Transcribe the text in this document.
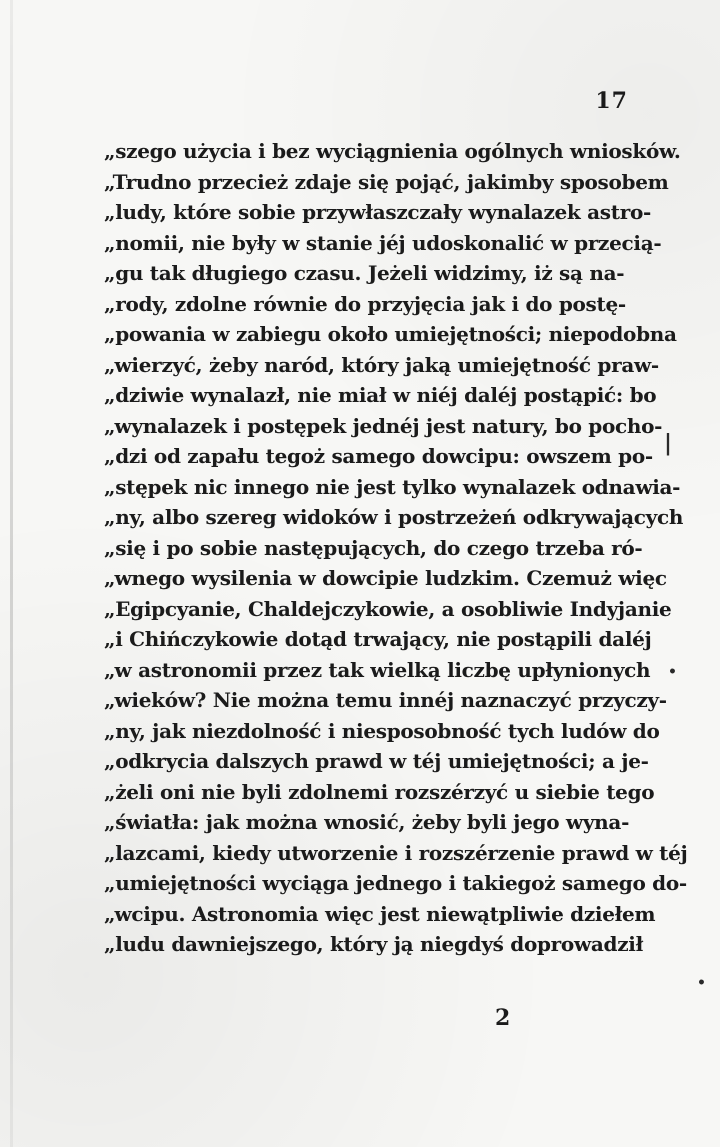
17
„szego użycia i bez wyciągnienia ogólnych wniosków.
„Trudno przecież zdaje się pojąć, jakimby sposobem
„ludy, które sobie przywłaszczały wynalazek astro-
„nomii, nie były w stanie jéj udoskonalić w przecią-
„gu tak długiego czasu. Jeżeli widzimy, iż są na-
„rody, zdolne równie do przyjęcia jak i do postę-
„powania w zabiegu około umiejętności; niepodobna
„wierzyć, żeby naród, który jaką umiejętność praw-
„dziwie wynalazł, nie miał w niéj daléj postąpić: bo
„wynalazek i postępek jednéj jest natury, bo pocho-
„dzi od zapału tegoż samego dowcipu: owszem po-
„stępek nic innego nie jest tylko wynalazek odnawia-
„ny, albo szereg widoków i postrzeżeń odkrywających
„się i po sobie następujących, do czego trzeba ró-
„wnego wysilenia w dowcipie ludzkim. Czemuż więc
„Egipcyanie, Chaldejczykowie, a osobliwie Indyjanie
„i Chińczykowie dotąd trwający, nie postąpili daléj
„w astronomii przez tak wielką liczbę upłynionych
„wieków? Nie można temu innéj naznaczyć przyczy-
„ny, jak niezdolność i niesposobność tych ludów do
„odkrycia dalszych prawd w téj umiejętności; a je-
„żeli oni nie byli zdolnemi rozszérzyć u siebie tego
„światła: jak można wnosić, żeby byli jego wyna-
„lazcami, kiedy utworzenie i rozszérzenie prawd w téj
„umiejętności wyciąga jednego i takiegoż samego do-
„wcipu. Astronomia więc jest niewątpliwie dziełem
„ludu dawniejszego, który ją niegdyś doprowadził
2
|
•
•
